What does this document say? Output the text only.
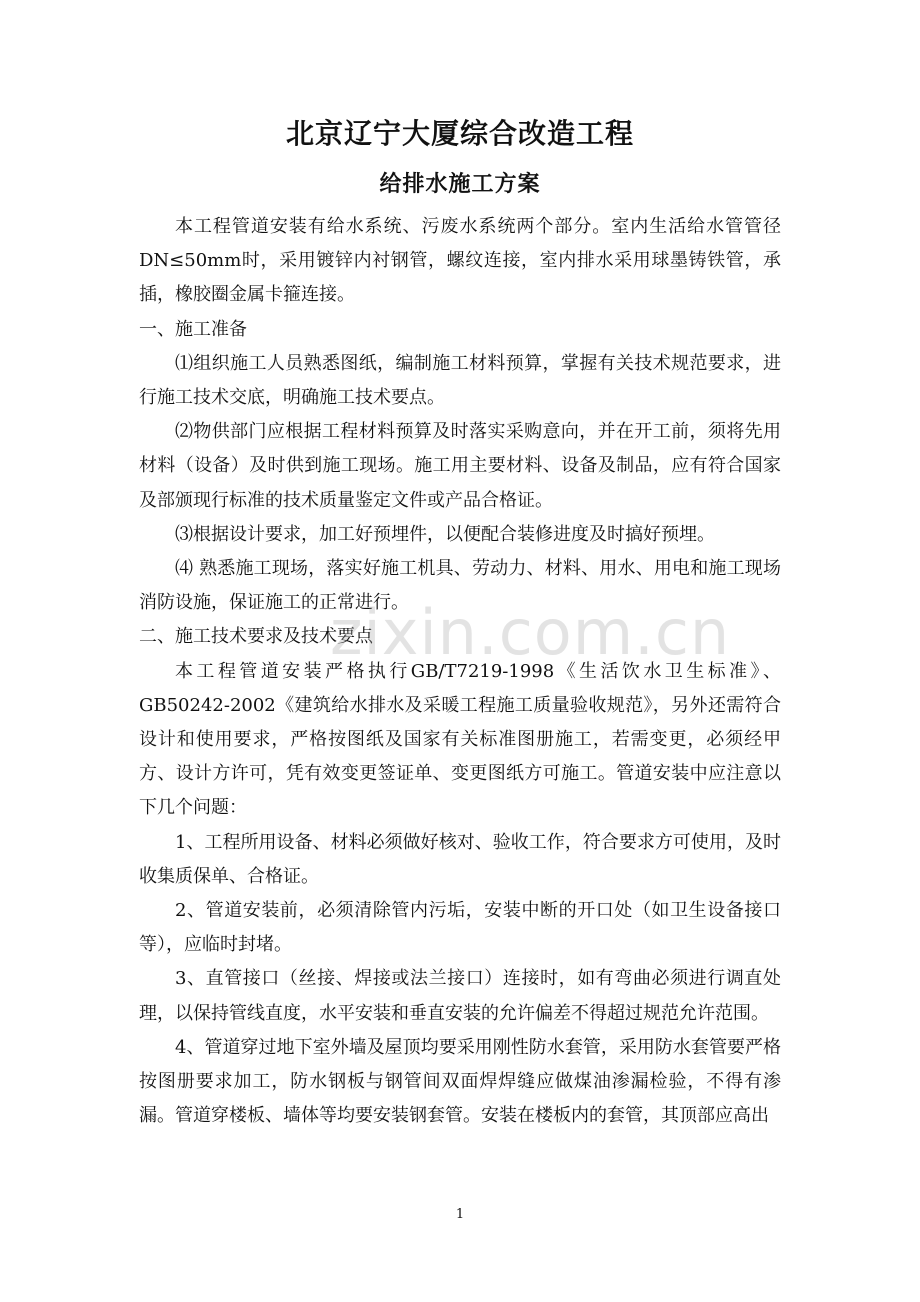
北京辽宁大厦综合改造工程
给排水施工方案

本工程管道安装有给水系统、污废水系统两个部分。室内生活给水管管径DN≤50mm时，采用镀锌内衬钢管，螺纹连接，室内排水采用球墨铸铁管，承插，橡胶圈金属卡箍连接。

一、施工准备

⑴组织施工人员熟悉图纸，编制施工材料预算，掌握有关技术规范要求，进行施工技术交底，明确施工技术要点。

⑵物供部门应根据工程材料预算及时落实采购意向，并在开工前，须将先用材料（设备）及时供到施工现场。施工用主要材料、设备及制品，应有符合国家及部颁现行标准的技术质量鉴定文件或产品合格证。

⑶根据设计要求，加工好预埋件，以便配合装修进度及时搞好预埋。

⑷ 熟悉施工现场，落实好施工机具、劳动力、材料、用水、用电和施工现场消防设施，保证施工的正常进行。

二、施工技术要求及技术要点

本工程管道安装严格执行GB/T7219-1998《生活饮水卫生标准》、GB50242-2002《建筑给水排水及采暖工程施工质量验收规范》，另外还需符合设计和使用要求，严格按图纸及国家有关标准图册施工，若需变更，必须经甲方、设计方许可，凭有效变更签证单、变更图纸方可施工。管道安装中应注意以下几个问题：

1、工程所用设备、材料必须做好核对、验收工作，符合要求方可使用，及时收集质保单、合格证。

2、管道安装前，必须清除管内污垢，安装中断的开口处（如卫生设备接口等），应临时封堵。

3、直管接口（丝接、焊接或法兰接口）连接时，如有弯曲必须进行调直处理，以保持管线直度，水平安装和垂直安装的允许偏差不得超过规范允许范围。

4、管道穿过地下室外墙及屋顶均要采用刚性防水套管，采用防水套管要严格按图册要求加工，防水钢板与钢管间双面焊焊缝应做煤油渗漏检验，不得有渗漏。管道穿楼板、墙体等均要安装钢套管。安装在楼板内的套管，其顶部应高出

zixin.com.cn
1
